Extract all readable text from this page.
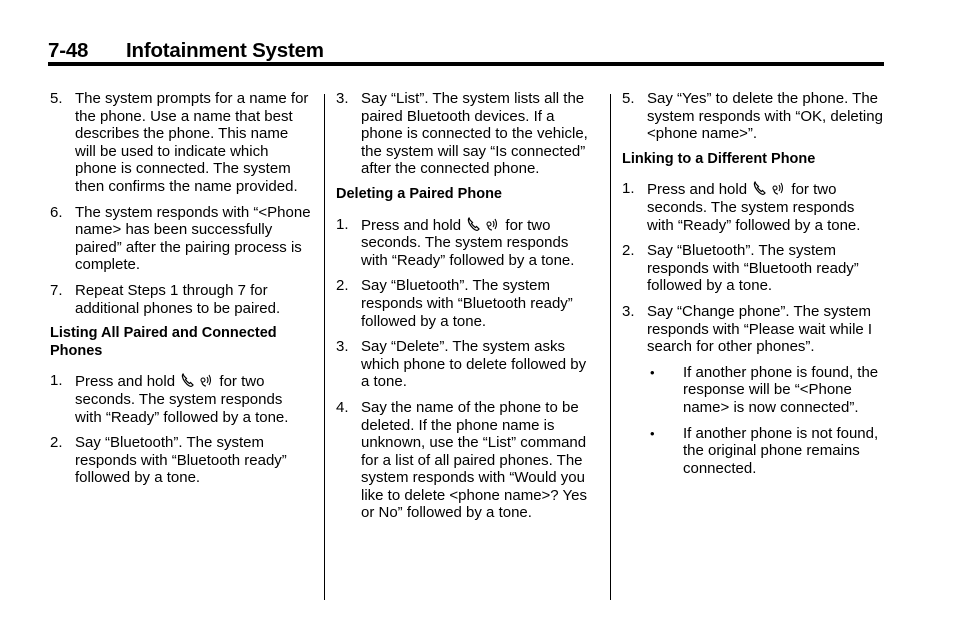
7-48 Infotainment System
5. The system prompts for a name for the phone. Use a name that best describes the phone. This name will be used to indicate which phone is connected. The system then confirms the name provided.
6. The system responds with “<Phone name> has been successfully paired” after the pairing process is complete.
7. Repeat Steps 1 through 7 for additional phones to be paired.
Listing All Paired and Connected Phones
1. Press and hold	for two seconds. The system responds with “Ready” followed by a tone.
2. Say “Bluetooth”. The system responds with “Bluetooth ready” followed by a tone.
3. Say “List”. The system lists all the paired Bluetooth devices. If a phone is connected to the vehicle, the system will say “Is connected” after the connected phone.
Deleting a Paired Phone
1. Press and hold	for two seconds. The system responds with “Ready” followed by a tone.
2. Say “Bluetooth”. The system responds with “Bluetooth ready” followed by a tone.
3. Say “Delete”. The system asks which phone to delete followed by a tone.
4. Say the name of the phone to be deleted. If the phone name is unknown, use the “List” command for a list of all paired phones. The system responds with “Would you like to delete <phone name>? Yes or No” followed by a tone.
5. Say “Yes” to delete the phone. The system responds with “OK, deleting <phone name>”.
Linking to a Different Phone
1. Press and hold	for two seconds. The system responds with “Ready” followed by a tone.
2. Say “Bluetooth”. The system responds with “Bluetooth ready” followed by a tone.
3. Say “Change phone”. The system responds with “Please wait while I search for other phones”.
• If another phone is found, the response will be “<Phone name> is now connected”.
• If another phone is not found, the original phone remains connected.
